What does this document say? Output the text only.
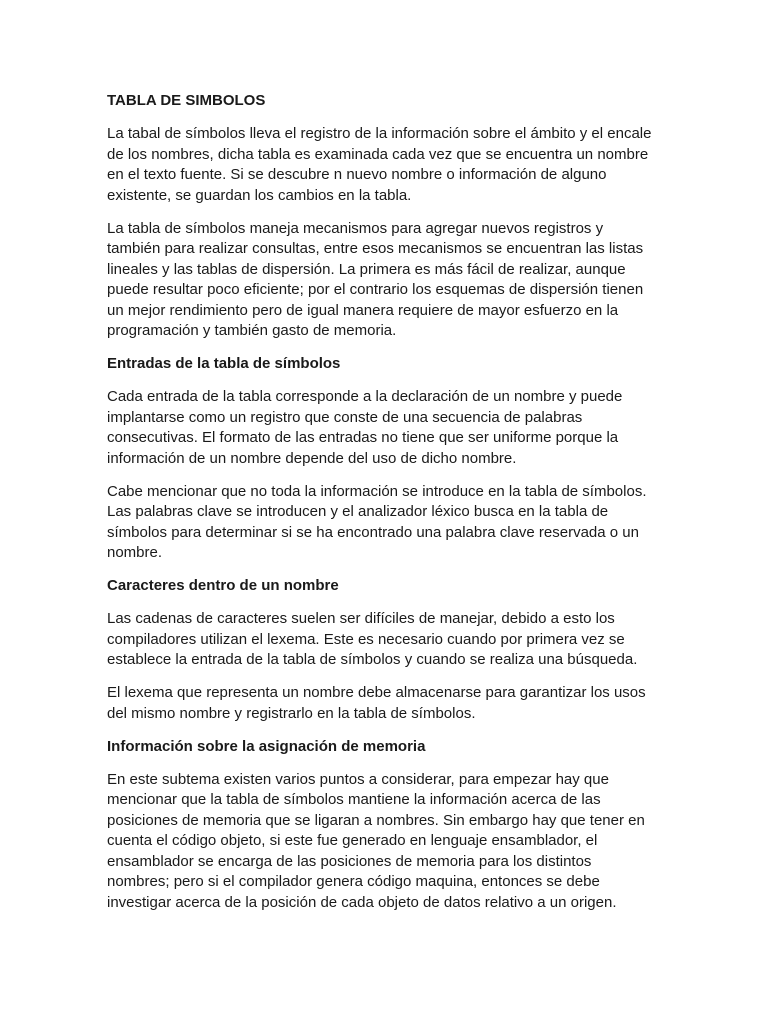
TABLA DE SIMBOLOS

La tabal de símbolos lleva el registro de la información sobre el ámbito y el encale de los nombres, dicha tabla es examinada cada vez que se encuentra un nombre en el texto fuente. Si se descubre n nuevo nombre o información de alguno existente, se guardan los cambios en la tabla.

La tabla de símbolos maneja mecanismos para agregar nuevos registros y también para realizar consultas, entre esos mecanismos se encuentran las listas lineales y las tablas de dispersión. La primera es más fácil de realizar, aunque puede resultar poco eficiente; por el contrario los esquemas de dispersión tienen un mejor rendimiento pero de igual manera requiere de mayor esfuerzo en la programación y también gasto de memoria.

Entradas de la tabla de símbolos

Cada entrada de la tabla corresponde a la declaración de un nombre y puede implantarse como un registro que conste de una secuencia de palabras consecutivas. El formato de las entradas no tiene que ser uniforme porque la información de un nombre depende del uso de dicho nombre.

Cabe mencionar que no toda la información se introduce en la tabla de símbolos. Las palabras clave se introducen y el analizador léxico busca en la tabla de símbolos para determinar si se ha encontrado una palabra clave reservada o un nombre.

Caracteres dentro de un nombre

Las cadenas de caracteres suelen ser difíciles de manejar, debido a esto los compiladores utilizan el lexema. Este es necesario cuando por primera vez se establece la entrada de la tabla de símbolos y cuando se realiza una búsqueda.

El lexema que representa un nombre debe almacenarse para garantizar los usos del mismo nombre y registrarlo en la tabla de símbolos.

Información sobre la asignación de memoria

En este subtema existen varios puntos a considerar, para empezar hay que mencionar que la tabla de símbolos mantiene la información acerca de las posiciones de memoria que se ligaran a nombres. Sin embargo hay que tener en cuenta el código objeto, si este fue generado en lenguaje ensamblador, el ensamblador se encarga de las posiciones de memoria para los distintos nombres; pero si el compilador genera código maquina, entonces se debe investigar acerca de la posición de cada objeto de datos relativo a un origen.
